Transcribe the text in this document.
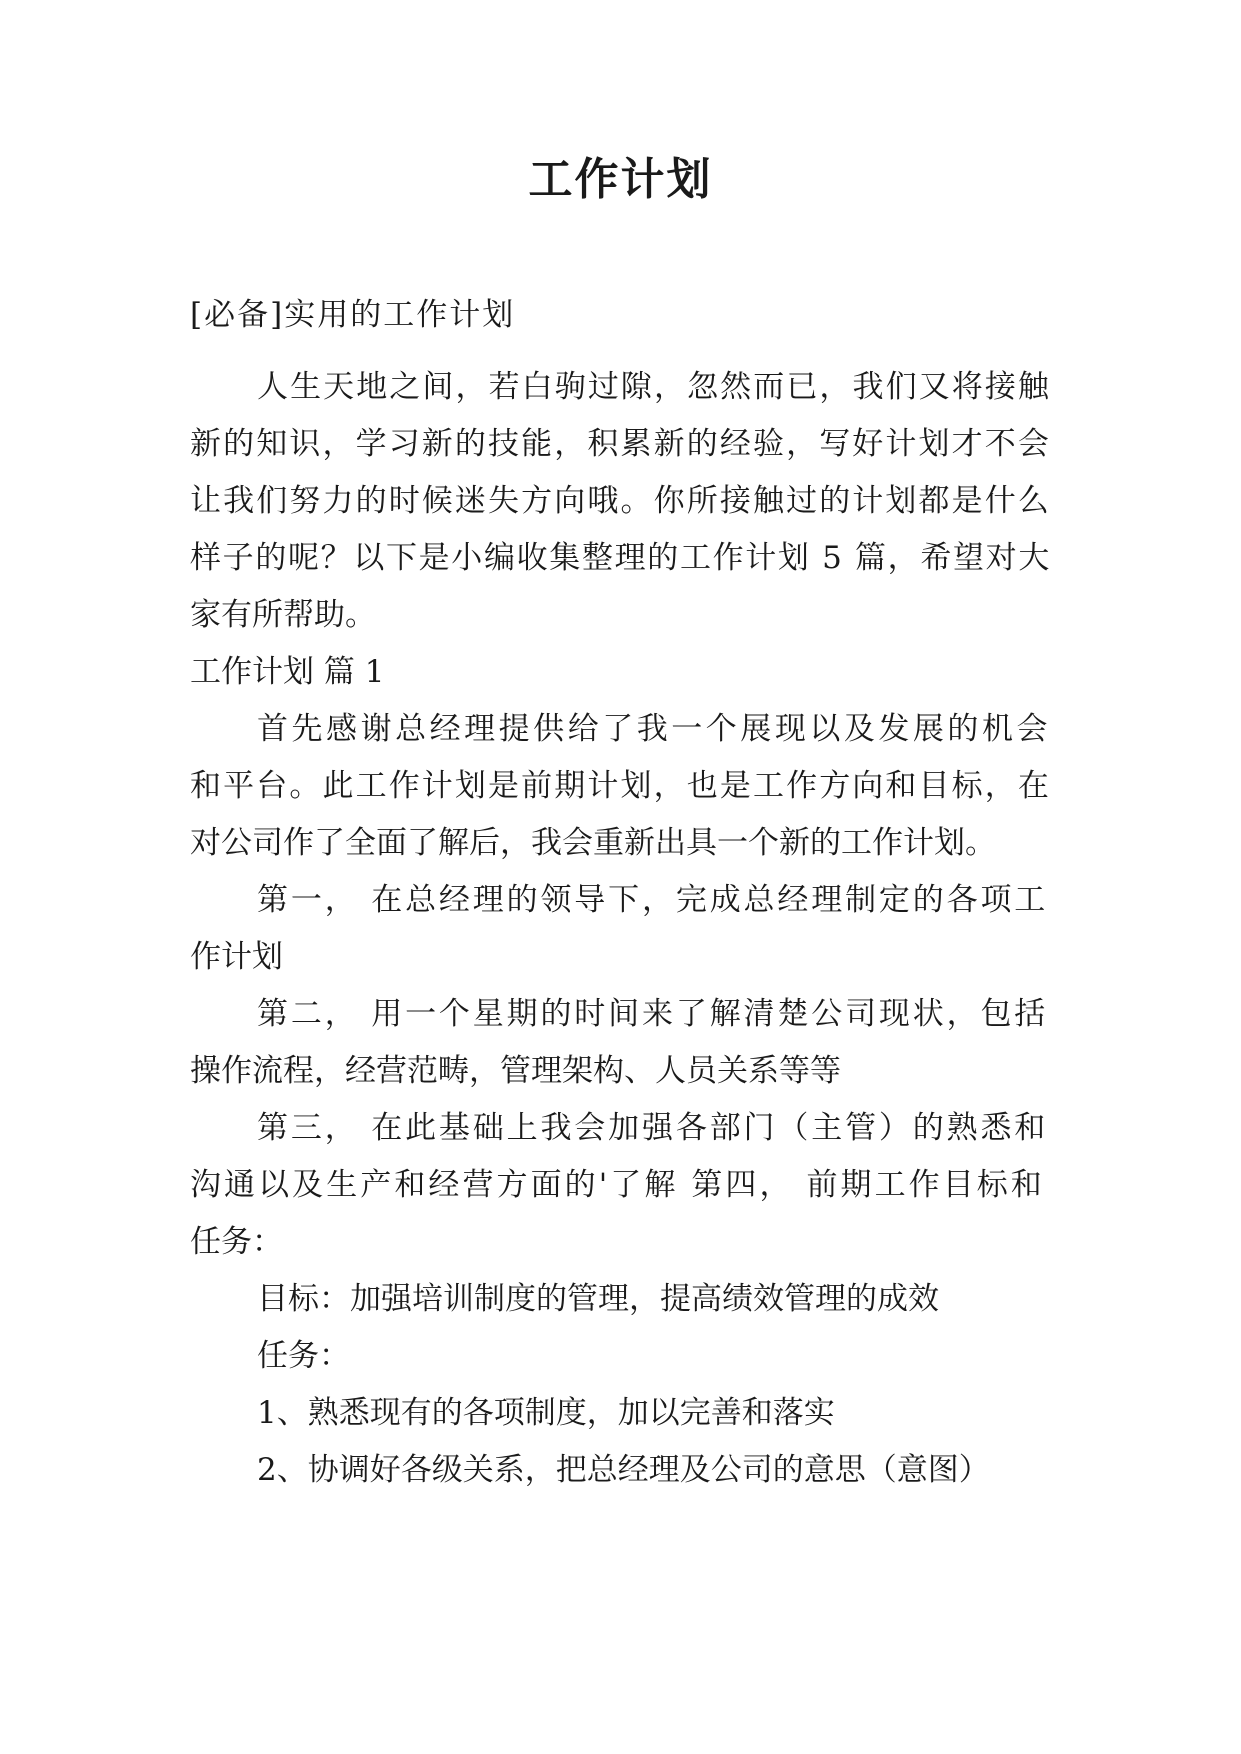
工作计划

[必备]实用的工作计划

人生天地之间，若白驹过隙，忽然而已，我们又将接触

新的知识，学习新的技能，积累新的经验，写好计划才不会

让我们努力的时候迷失方向哦。你所接触过的计划都是什么

样子的呢？以下是小编收集整理的工作计划 5 篇，希望对大

家有所帮助。

工作计划 篇 1

首先感谢总经理提供给了我一个展现以及发展的机会

和平台。此工作计划是前期计划，也是工作方向和目标，在

对公司作了全面了解后，我会重新出具一个新的工作计划。

第一， 在总经理的领导下，完成总经理制定的各项工

作计划

第二， 用一个星期的时间来了解清楚公司现状，包括

操作流程，经营范畴，管理架构、人员关系等等

第三， 在此基础上我会加强各部门（主管）的熟悉和

沟通以及生产和经营方面的'了解 第四， 前期工作目标和

任务：

目标：加强培训制度的管理，提高绩效管理的成效

任务：

1、熟悉现有的各项制度，加以完善和落实

2、协调好各级关系，把总经理及公司的意思（意图）
